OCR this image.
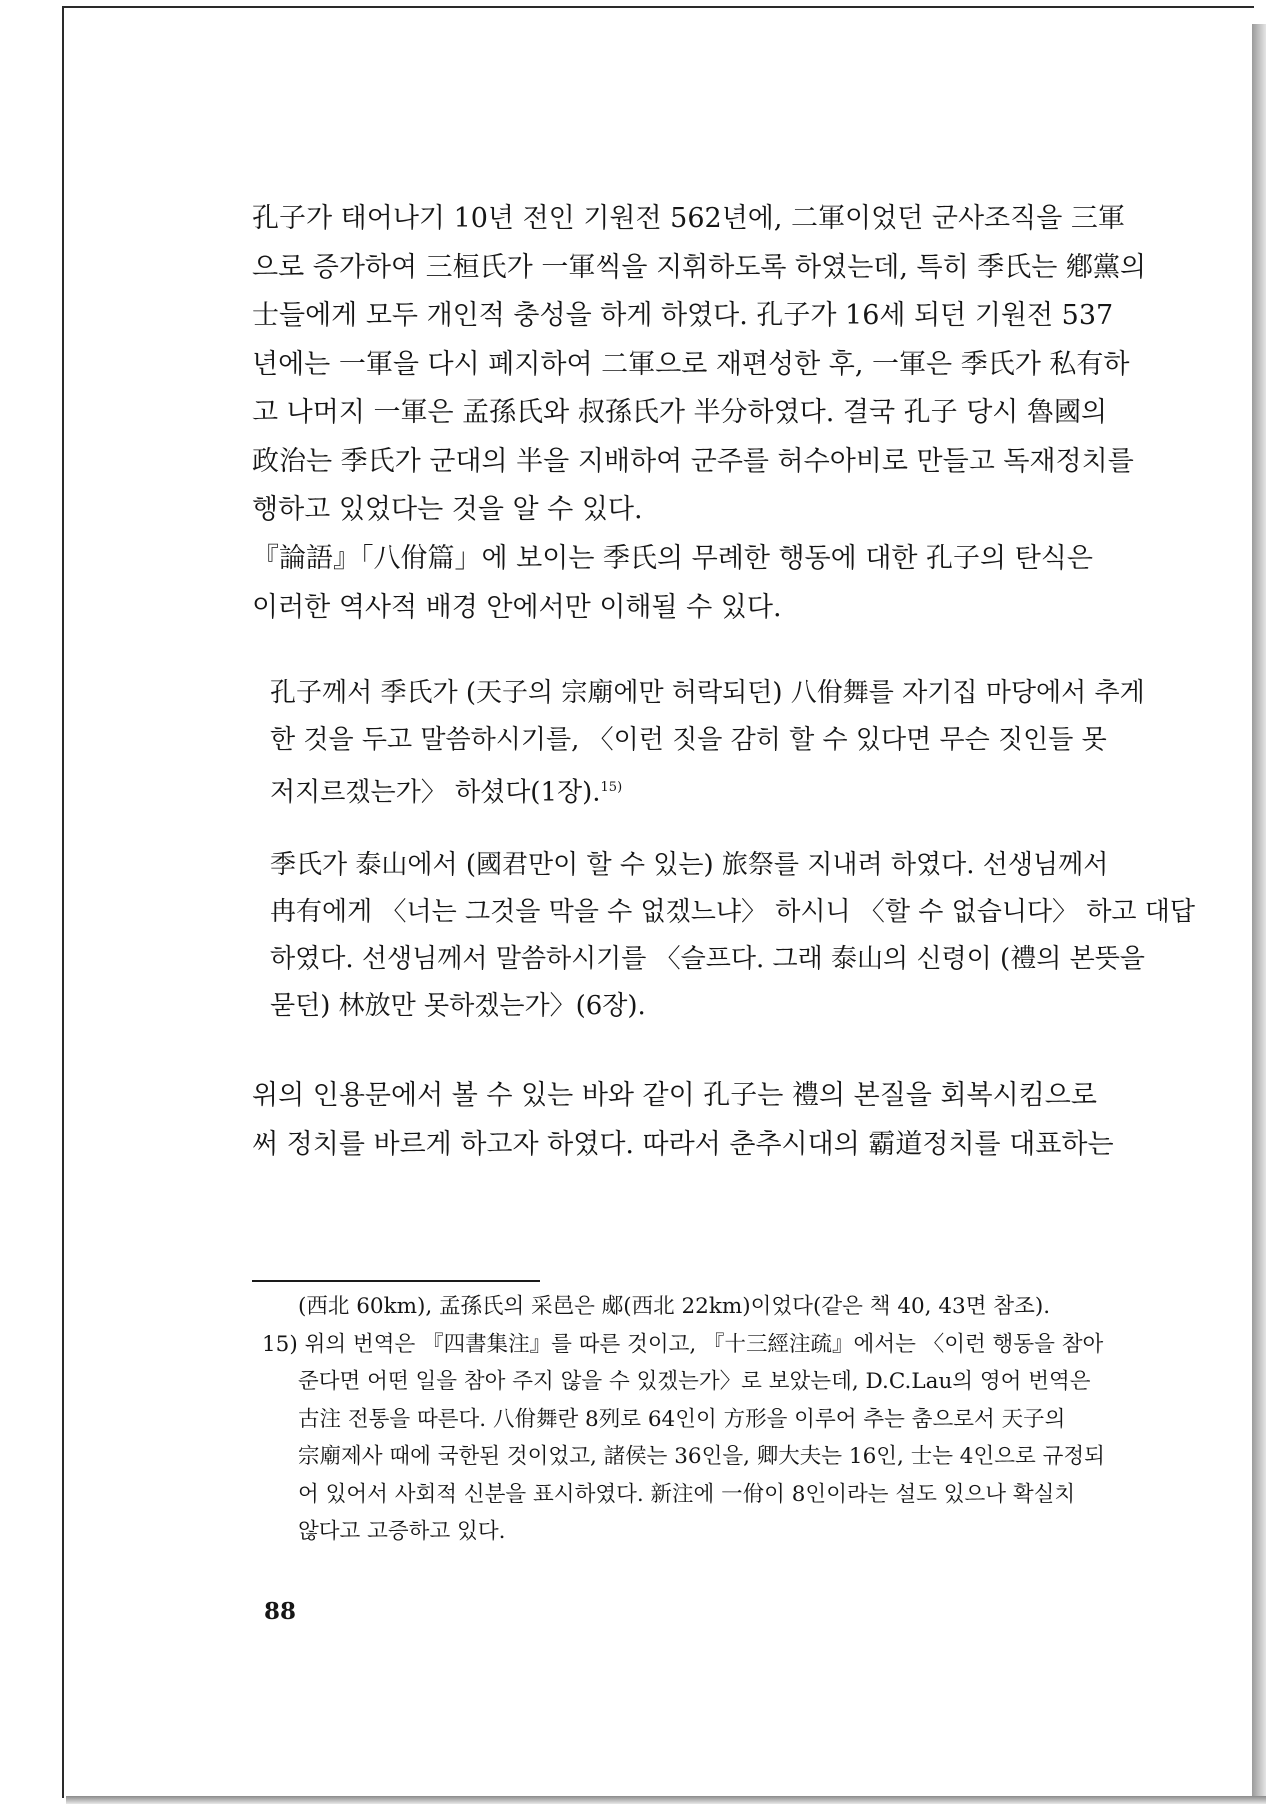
孔子가 태어나기 10년 전인 기원전 562년에, 二軍이었던 군사조직을 三軍
으로 증가하여 三桓氏가 一軍씩을 지휘하도록 하였는데, 특히 季氏는 鄕黨의
士들에게 모두 개인적 충성을 하게 하였다. 孔子가 16세 되던 기원전 537
년에는 一軍을 다시 폐지하여 二軍으로 재편성한 후, 一軍은 季氏가 私有하
고 나머지 一軍은 孟孫氏와 叔孫氏가 半分하였다. 결국 孔子 당시 魯國의
政治는 季氏가 군대의 半을 지배하여 군주를 허수아비로 만들고 독재정치를
행하고 있었다는 것을 알 수 있다.
『論語』「八佾篇」에 보이는 季氏의 무례한 행동에 대한 孔子의 탄식은
이러한 역사적 배경 안에서만 이해될 수 있다.
孔子께서 季氏가 (天子의 宗廟에만 허락되던) 八佾舞를 자기집 마당에서 추게
한 것을 두고 말씀하시기를, 〈이런 짓을 감히 할 수 있다면 무슨 짓인들 못
저지르겠는가〉 하셨다(1장).$^{15)}$
季氏가 泰山에서 (國君만이 할 수 있는) 旅祭를 지내려 하였다. 선생님께서
冉有에게 〈너는 그것을 막을 수 없겠느냐〉 하시니 〈할 수 없습니다〉 하고 대답
하였다. 선생님께서 말씀하시기를 〈슬프다. 그래 泰山의 신령이 (禮의 본뜻을
묻던) 林放만 못하겠는가〉(6장).
위의 인용문에서 볼 수 있는 바와 같이 孔子는 禮의 본질을 회복시킴으로
써 정치를 바르게 하고자 하였다. 따라서 춘추시대의 霸道정치를 대표하는
(西北 60km), 孟孫氏의 采邑은 郕(西北 22km)이었다(같은 책 40, 43면 참조).
15) 위의 번역은 『四書集注』를 따른 것이고, 『十三經注疏』에서는 〈이런 행동을 참아
준다면 어떤 일을 참아 주지 않을 수 있겠는가〉로 보았는데, D.C.Lau의 영어 번역은
古注 전통을 따른다. 八佾舞란 8列로 64인이 方形을 이루어 추는 춤으로서 天子의
宗廟제사 때에 국한된 것이었고, 諸侯는 36인을, 卿大夫는 16인, 士는 4인으로 규정되
어 있어서 사회적 신분을 표시하였다. 新注에 一佾이 8인이라는 설도 있으나 확실치
않다고 고증하고 있다.
88
